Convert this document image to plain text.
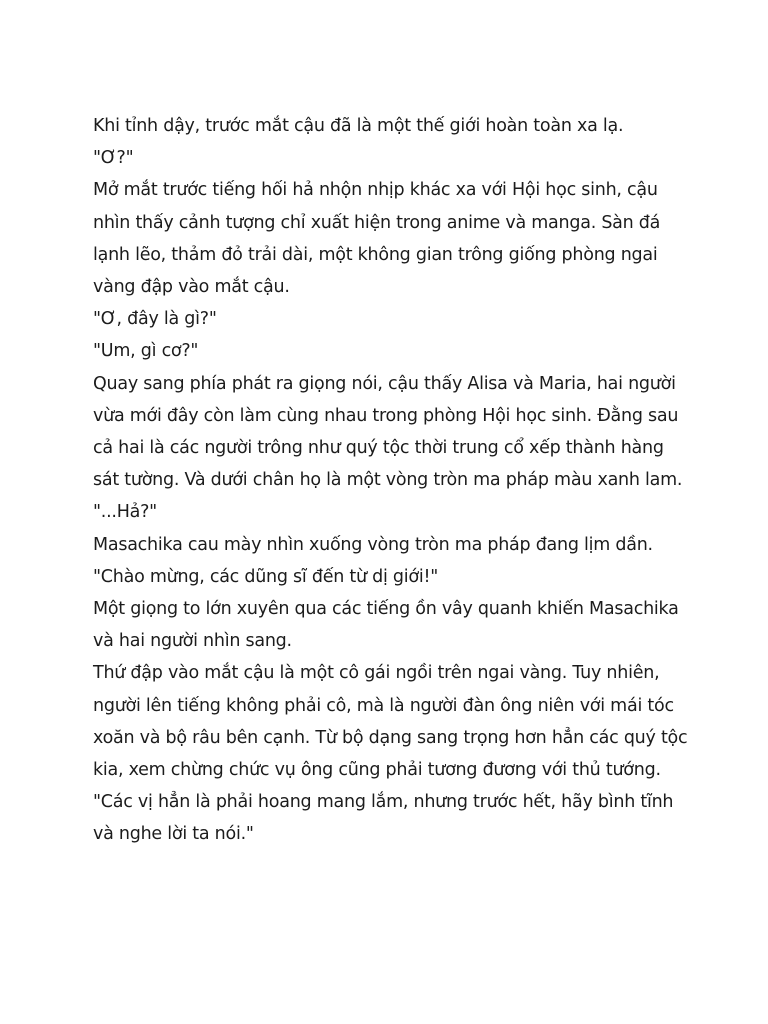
Khi tỉnh dậy, trước mắt cậu đã là một thế giới hoàn toàn xa lạ.

"Ơ?"

Mở mắt trước tiếng hối hả nhộn nhịp khác xa với Hội học sinh, cậu nhìn thấy cảnh tượng chỉ xuất hiện trong anime và manga. Sàn đá lạnh lẽo, thảm đỏ trải dài, một không gian trông giống phòng ngai vàng đập vào mắt cậu.

"Ơ, đây là gì?"

"Um, gì cơ?"

Quay sang phía phát ra giọng nói, cậu thấy Alisa và Maria, hai người vừa mới đây còn làm cùng nhau trong phòng Hội học sinh. Đằng sau cả hai là các người trông như quý tộc thời trung cổ xếp thành hàng sát tường. Và dưới chân họ là một vòng tròn ma pháp màu xanh lam.

"...Hả?"

Masachika cau mày nhìn xuống vòng tròn ma pháp đang lịm dần.

"Chào mừng, các dũng sĩ đến từ dị giới!"

Một giọng to lớn xuyên qua các tiếng ồn vây quanh khiến Masachika và hai người nhìn sang.

Thứ đập vào mắt cậu là một cô gái ngồi trên ngai vàng. Tuy nhiên, người lên tiếng không phải cô, mà là người đàn ông niên với mái tóc xoăn và bộ râu bên cạnh. Từ bộ dạng sang trọng hơn hẳn các quý tộc kia, xem chừng chức vụ ông cũng phải tương đương với thủ tướng.

"Các vị hẳn là phải hoang mang lắm, nhưng trước hết, hãy bình tĩnh và nghe lời ta nói."
